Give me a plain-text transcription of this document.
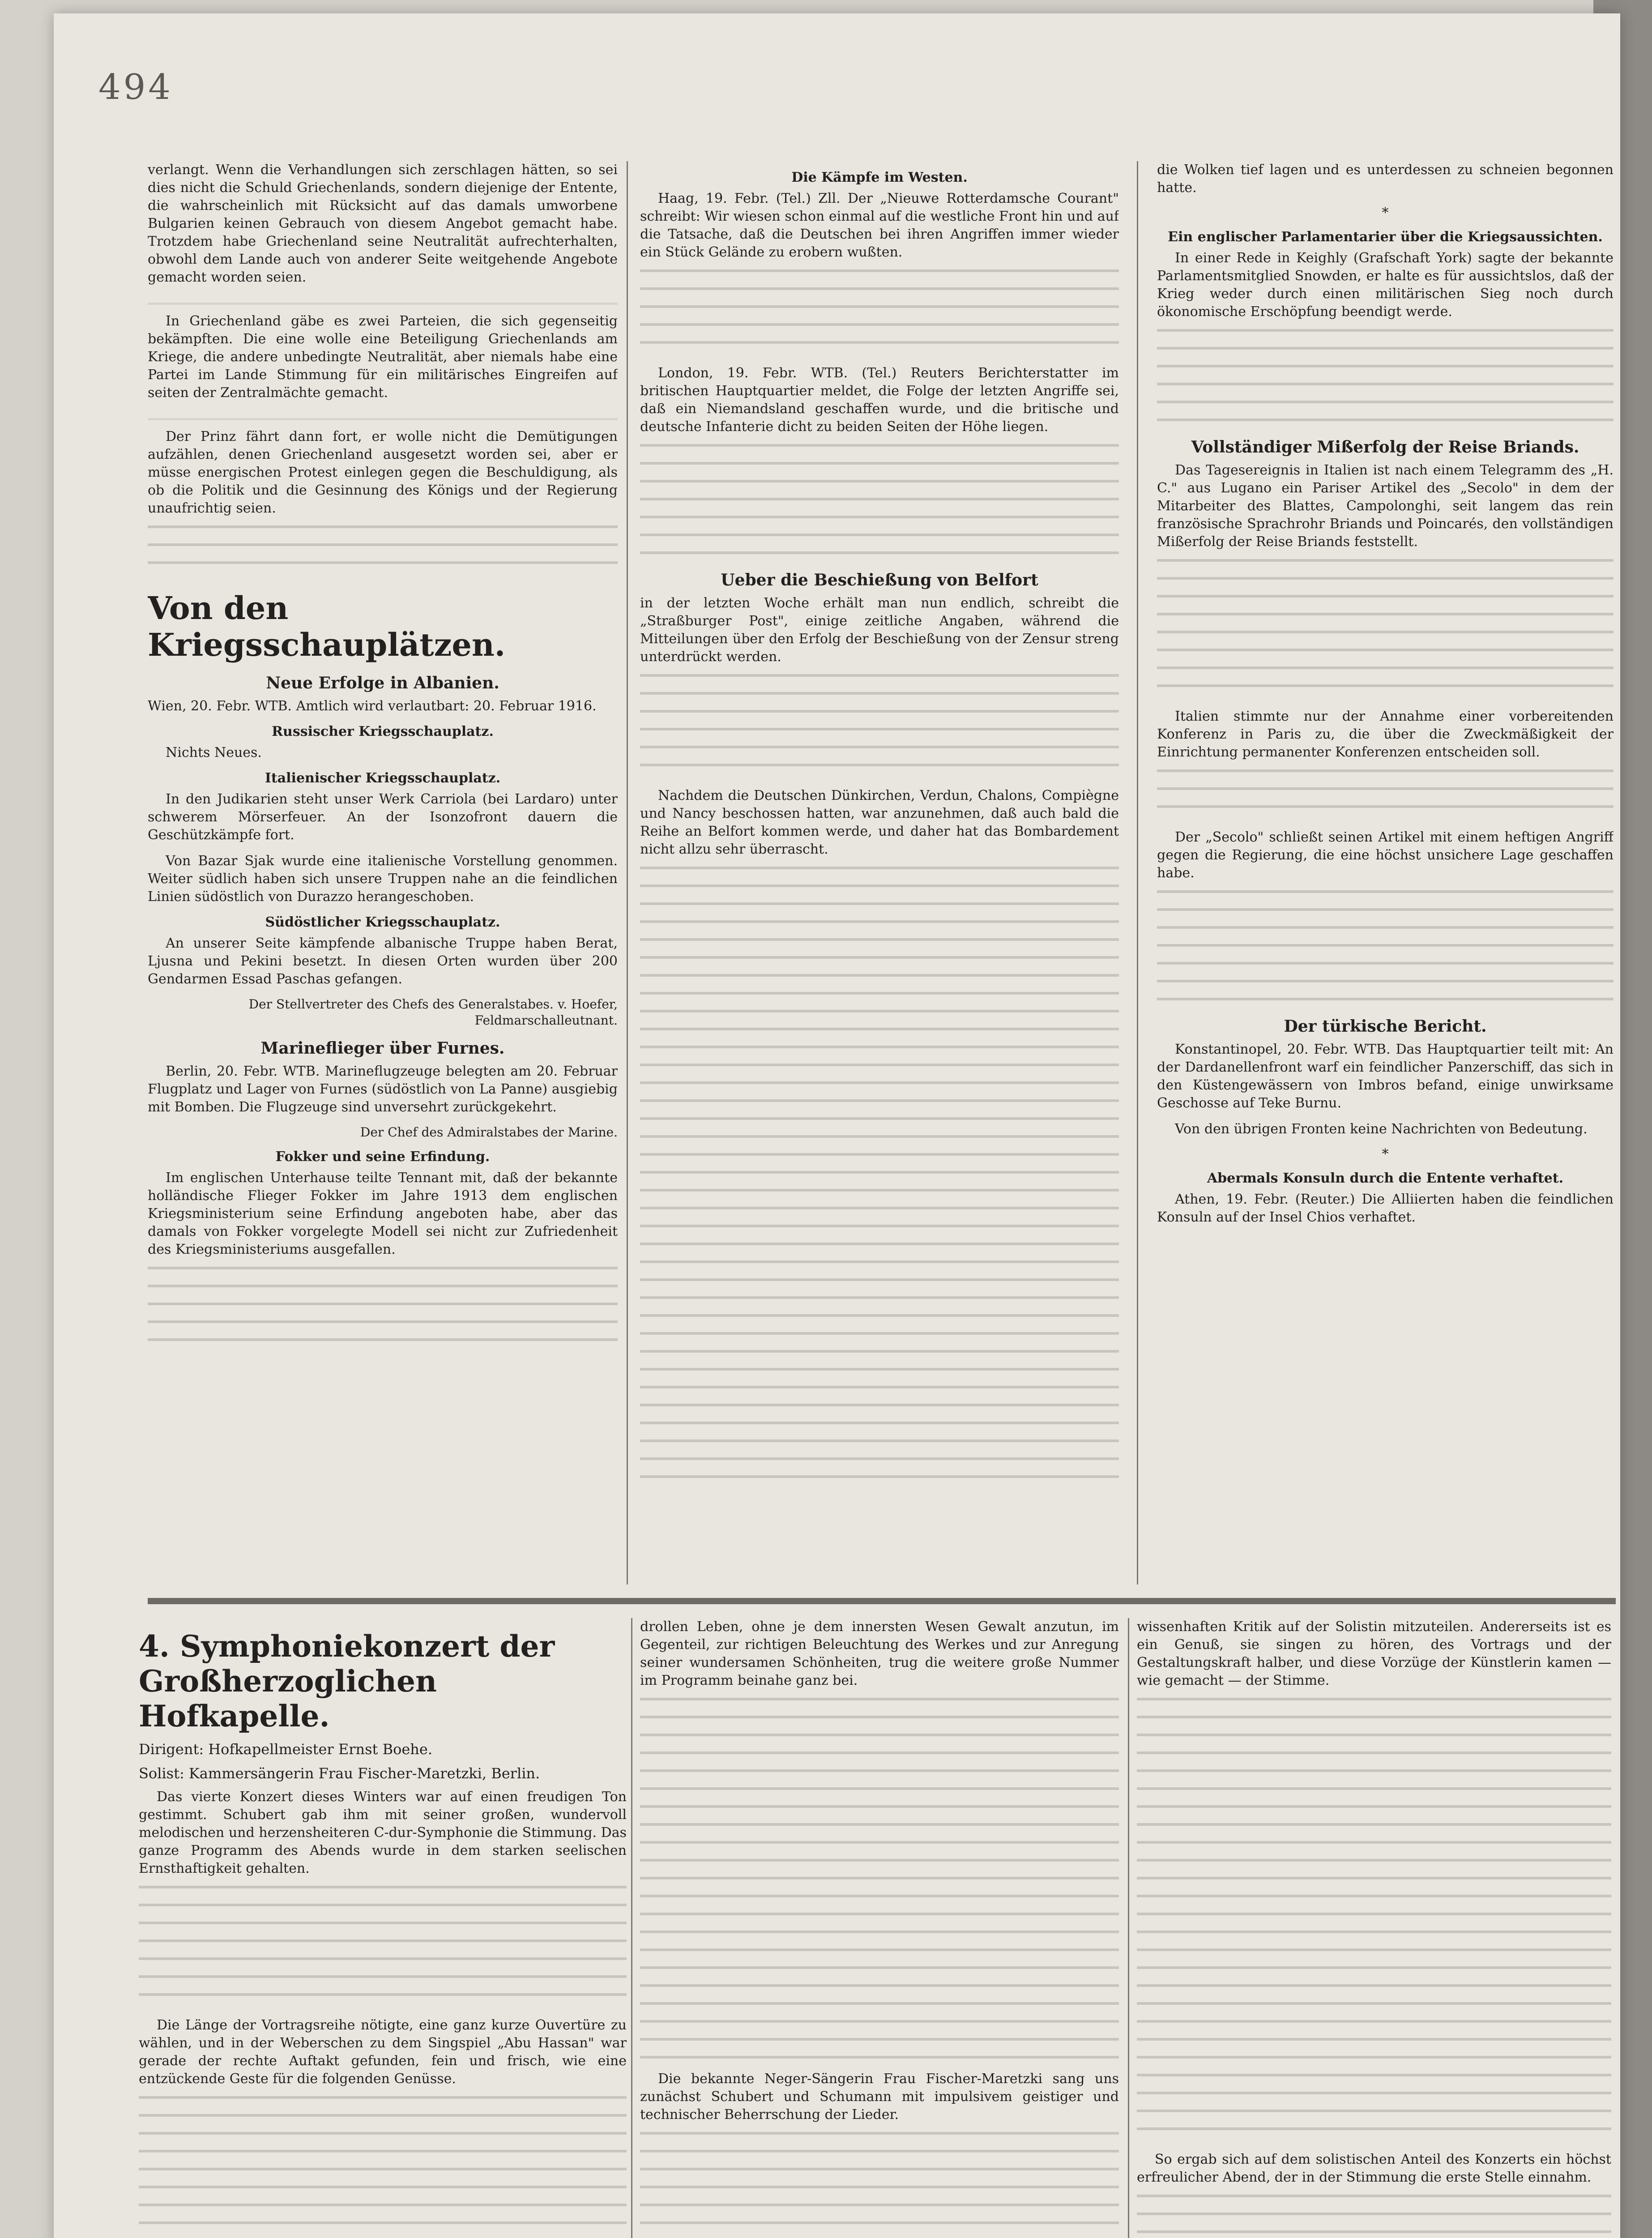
494

verlangt. Wenn die Verhandlungen sich zerschlagen hätten, so sei dies nicht die Schuld Griechenlands, sondern diejenige der Entente, die wahrscheinlich mit Rücksicht auf das damals umworbene Bulgarien keinen Gebrauch von diesem Angebot gemacht habe. Trotzdem habe Griechenland seine Neutralität aufrechterhalten, obwohl dem Lande auch von anderer Seite weitgehende Angebote gemacht worden seien.

In Griechenland gäbe es zwei Parteien, die sich gegenseitig bekämpften. Die eine wolle eine Beteiligung Griechenlands am Kriege, die andere unbedingte Neutralität, aber niemals habe eine Partei im Lande Stimmung für ein militärisches Eingreifen auf seiten der Zentralmächte gemacht.

Der Prinz fährt dann fort, er wolle nicht die Demütigungen aufzählen, denen Griechenland ausgesetzt worden sei, aber er müsse energischen Protest einlegen gegen die Beschuldigung, als ob die Politik und die Gesinnung des Königs und der Regierung unaufrichtig seien.

Von den Kriegsschauplätzen.
Neue Erfolge in Albanien.

Wien, 20. Febr. WTB. Amtlich wird verlautbart: 20. Februar 1916.

Russischer Kriegsschauplatz.

Nichts Neues.

Italienischer Kriegsschauplatz.

In den Judikarien steht unser Werk Carriola (bei Lardaro) unter schwerem Mörserfeuer. An der Isonzofront dauern die Geschützkämpfe fort.

Von Bazar Sjak wurde eine italienische Vorstellung genommen. Weiter südlich haben sich unsere Truppen nahe an die feindlichen Linien südöstlich von Durazzo herangeschoben.

Südöstlicher Kriegsschauplatz.

An unserer Seite kämpfende albanische Truppe haben Berat, Ljusna und Pekini besetzt. In diesen Orten wurden über 200 Gendarmen Essad Paschas gefangen.

Der Stellvertreter des Chefs des Generalstabes. v. Hoefer, Feldmarschalleutnant.

Marineflieger über Furnes.

Berlin, 20. Febr. WTB. Marineflugzeuge belegten am 20. Februar Flugplatz und Lager von Furnes (südöstlich von La Panne) ausgiebig mit Bomben. Die Flugzeuge sind unversehrt zurückgekehrt.

Der Chef des Admiralstabes der Marine.

Fokker und seine Erfindung.

Im englischen Unterhause teilte Tennant mit, daß der bekannte holländische Flieger Fokker im Jahre 1913 dem englischen Kriegsministerium seine Erfindung angeboten habe, aber das damals von Fokker vorgelegte Modell sei nicht zur Zufriedenheit des Kriegsministeriums ausgefallen.

Die Kämpfe im Westen.

Haag, 19. Febr. (Tel.) Zll. Der „Nieuwe Rotterdamsche Courant" schreibt: Wir wiesen schon einmal auf die westliche Front hin und auf die Tatsache, daß die Deutschen bei ihren Angriffen immer wieder ein Stück Gelände zu erobern wußten.

London, 19. Febr. WTB. (Tel.) Reuters Berichterstatter im britischen Hauptquartier meldet, die Folge der letzten Angriffe sei, daß ein Niemandsland geschaffen wurde, und die britische und deutsche Infanterie dicht zu beiden Seiten der Höhe liegen.

Ueber die Beschießung von Belfort

in der letzten Woche erhält man nun endlich, schreibt die „Straßburger Post", einige zeitliche Angaben, während die Mitteilungen über den Erfolg der Beschießung von der Zensur streng unterdrückt werden.

Nachdem die Deutschen Dünkirchen, Verdun, Chalons, Compiègne und Nancy beschossen hatten, war anzunehmen, daß auch bald die Reihe an Belfort kommen werde, und daher hat das Bombardement nicht allzu sehr überrascht.

die Wolken tief lagen und es unterdessen zu schneien begonnen hatte.

*
Ein englischer Parlamentarier über die Kriegsaussichten.

In einer Rede in Keighly (Grafschaft York) sagte der bekannte Parlamentsmitglied Snowden, er halte es für aussichtslos, daß der Krieg weder durch einen militärischen Sieg noch durch ökonomische Erschöpfung beendigt werde.

Vollständiger Mißerfolg der Reise Briands.

Das Tagesereignis in Italien ist nach einem Telegramm des „H. C." aus Lugano ein Pariser Artikel des „Secolo" in dem der Mitarbeiter des Blattes, Campolonghi, seit langem das rein französische Sprachrohr Briands und Poincarés, den vollständigen Mißerfolg der Reise Briands feststellt.

Italien stimmte nur der Annahme einer vorbereitenden Konferenz in Paris zu, die über die Zweckmäßigkeit der Einrichtung permanenter Konferenzen entscheiden soll.

Der „Secolo" schließt seinen Artikel mit einem heftigen Angriff gegen die Regierung, die eine höchst unsichere Lage geschaffen habe.

Der türkische Bericht.

Konstantinopel, 20. Febr. WTB. Das Hauptquartier teilt mit: An der Dardanellenfront warf ein feindlicher Panzerschiff, das sich in den Küstengewässern von Imbros befand, einige unwirksame Geschosse auf Teke Burnu.

Von den übrigen Fronten keine Nachrichten von Bedeutung.

*
Abermals Konsuln durch die Entente verhaftet.

Athen, 19. Febr. (Reuter.) Die Alliierten haben die feindlichen Konsuln auf der Insel Chios verhaftet.

4. Symphoniekonzert der Großherzoglichen Hofkapelle.

Dirigent: Hofkapellmeister Ernst Boehe.

Solist: Kammersängerin Frau Fischer-Maretzki, Berlin.

Das vierte Konzert dieses Winters war auf einen freudigen Ton gestimmt. Schubert gab ihm mit seiner großen, wundervoll melodischen und herzensheiteren C-dur-Symphonie die Stimmung. Das ganze Programm des Abends wurde in dem starken seelischen Ernsthaftigkeit gehalten.

Die Länge der Vortragsreihe nötigte, eine ganz kurze Ouvertüre zu wählen, und in der Weberschen zu dem Singspiel „Abu Hassan" war gerade der rechte Auftakt gefunden, fein und frisch, wie eine entzückende Geste für die folgenden Genüsse.

drollen Leben, ohne je dem innersten Wesen Gewalt anzutun, im Gegenteil, zur richtigen Beleuchtung des Werkes und zur Anregung seiner wundersamen Schönheiten, trug die weitere große Nummer im Programm beinahe ganz bei.

Die bekannte Neger-Sängerin Frau Fischer-Maretzki sang uns zunächst Schubert und Schumann mit impulsivem geistiger und technischer Beherrschung der Lieder.

wissenhaften Kritik auf der Solistin mitzuteilen. Andererseits ist es ein Genuß, sie singen zu hören, des Vortrags und der Gestaltungskraft halber, und diese Vorzüge der Künstlerin kamen — wie gemacht — der Stimme.

So ergab sich auf dem solistischen Anteil des Konzerts ein höchst erfreulicher Abend, der in der Stimmung die erste Stelle einnahm.
